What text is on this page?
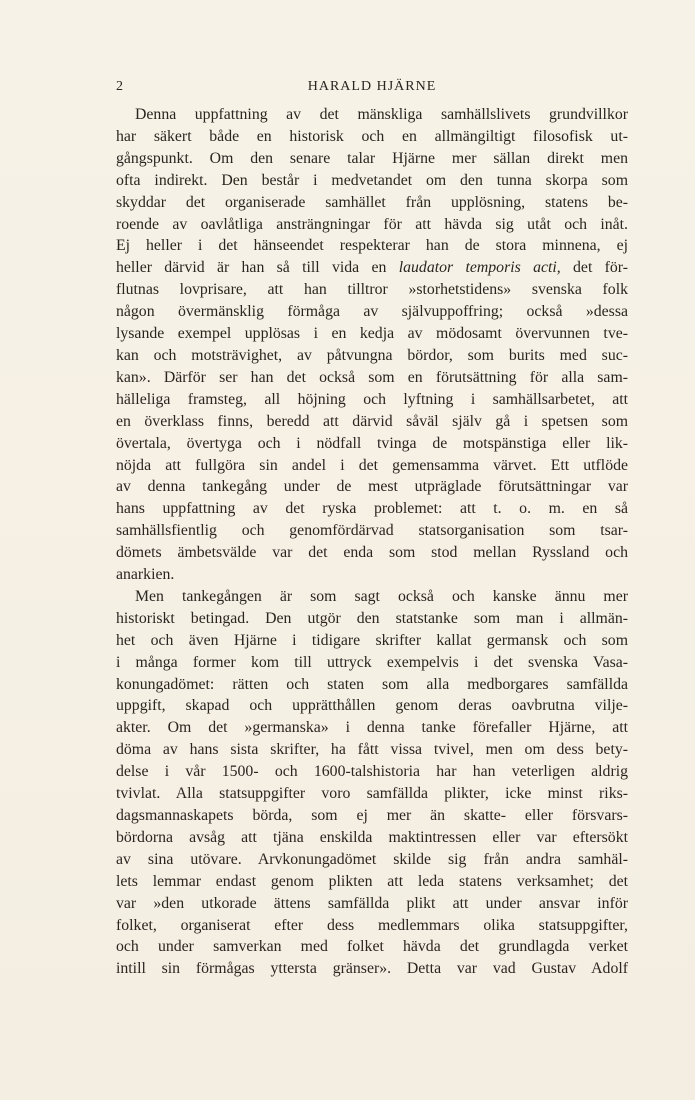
2	HARALD HJÄRNE
Denna uppfattning av det mänskliga samhällslivets grundvillkor
har säkert både en historisk och en allmängiltigt filosofisk ut-
gångspunkt. Om den senare talar Hjärne mer sällan direkt men
ofta indirekt. Den består i medvetandet om den tunna skorpa som
skyddar det organiserade samhället från upplösning, statens be-
roende av oavlåtliga ansträngningar för att hävda sig utåt och inåt.
Ej heller i det hänseendet respekterar han de stora minnena, ej
heller därvid är han så till vida en laudator temporis acti, det för-
flutnas lovprisare, att han tilltror »storhetstidens» svenska folk
någon övermänsklig förmåga av självuppoffring; också »dessa
lysande exempel upplösas i en kedja av mödosamt övervunnen tve-
kan och motsträvighet, av påtvungna bördor, som burits med suc-
kan». Därför ser han det också som en förutsättning för alla sam-
hälleliga framsteg, all höjning och lyftning i samhällsarbetet, att
en överklass finns, beredd att därvid såväl själv gå i spetsen som
övertala, övertyga och i nödfall tvinga de motspänstiga eller lik-
nöjda att fullgöra sin andel i det gemensamma värvet. Ett utflöde
av denna tankegång under de mest utpräglade förutsättningar var
hans uppfattning av det ryska problemet: att t. o. m. en så
samhällsfientlig och genomfördärvad statsorganisation som tsar-
dömets ämbetsvälde var det enda som stod mellan Ryssland och
anarkien.
Men tankegången är som sagt också och kanske ännu mer
historiskt betingad. Den utgör den statstanke som man i allmän-
het och även Hjärne i tidigare skrifter kallat germansk och som
i många former kom till uttryck exempelvis i det svenska Vasa-
konungadömet: rätten och staten som alla medborgares samfällda
uppgift, skapad och upprätthållen genom deras oavbrutna vilje-
akter. Om det »germanska» i denna tanke förefaller Hjärne, att
döma av hans sista skrifter, ha fått vissa tvivel, men om dess bety-
delse i vår 1500- och 1600-talshistoria har han veterligen aldrig
tvivlat. Alla statsuppgifter voro samfällda plikter, icke minst riks-
dagsmannaskapets börda, som ej mer än skatte- eller försvars-
bördorna avsåg att tjäna enskilda maktintressen eller var eftersökt
av sina utövare. Arvkonungadömet skilde sig från andra samhäl-
lets lemmar endast genom plikten att leda statens verksamhet; det
var »den utkorade ättens samfällda plikt att under ansvar inför
folket, organiserat efter dess medlemmars olika statsuppgifter,
och under samverkan med folket hävda det grundlagda verket
intill sin förmågas yttersta gränser». Detta var vad Gustav Adolf
